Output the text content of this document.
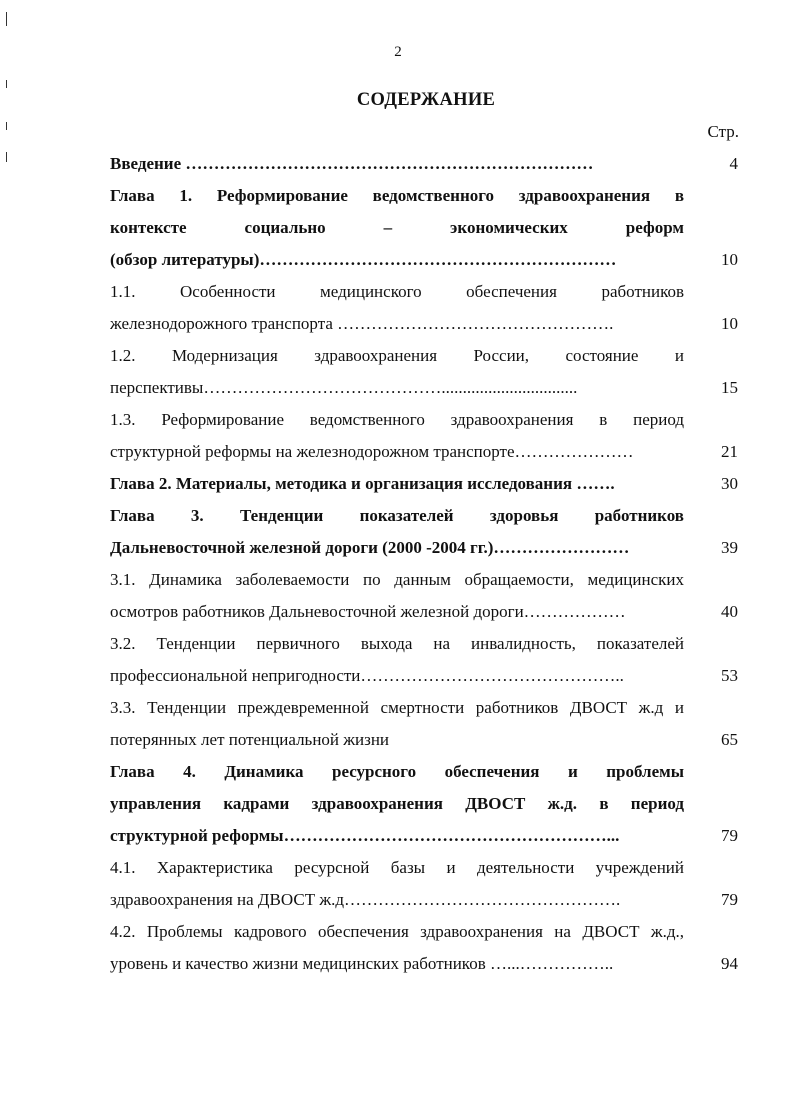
2
СОДЕРЖАНИЕ
Стр.
Введение ………………………………………………………………	4
Глава 1. Реформирование ведомственного здравоохранения в
контексте социально – экономических реформ
(обзор литературы)………………………………………………………	10
1.1. Особенности медицинского обеспечения работников
железнодорожного транспорта ………………………………………….	10
1.2. Модернизация здравоохранения России, состояние и
перспективы……………………………………................................	15
1.3. Реформирование ведомственного здравоохранения в период
структурной реформы на железнодорожном транспорте…………………	21
Глава 2. Материалы, методика и организация исследования …….	30
Глава 3. Тенденции показателей здоровья работников
Дальневосточной железной дороги (2000 -2004 гг.)……………………	39
3.1. Динамика заболеваемости по данным обращаемости, медицинских
осмотров работников Дальневосточной железной дороги………………	40
3.2. Тенденции первичного выхода на инвалидность, показателей
профессиональной непригодности………………………………………..	53
3.3. Тенденции преждевременной смертности работников ДВОСТ ж.д и
потерянных лет потенциальной жизни	65
Глава 4. Динамика ресурсного обеспечения и проблемы
управления кадрами здравоохранения ДВОСТ ж.д. в период
структурной реформы…………………………………………………...	79
4.1. Характеристика ресурсной базы и деятельности учреждений
здравоохранения на ДВОСТ ж.д………………………………………….	79
4.2. Проблемы кадрового обеспечения здравоохранения на ДВОСТ ж.д.,
уровень и качество жизни медицинских работников …...……………..	94
